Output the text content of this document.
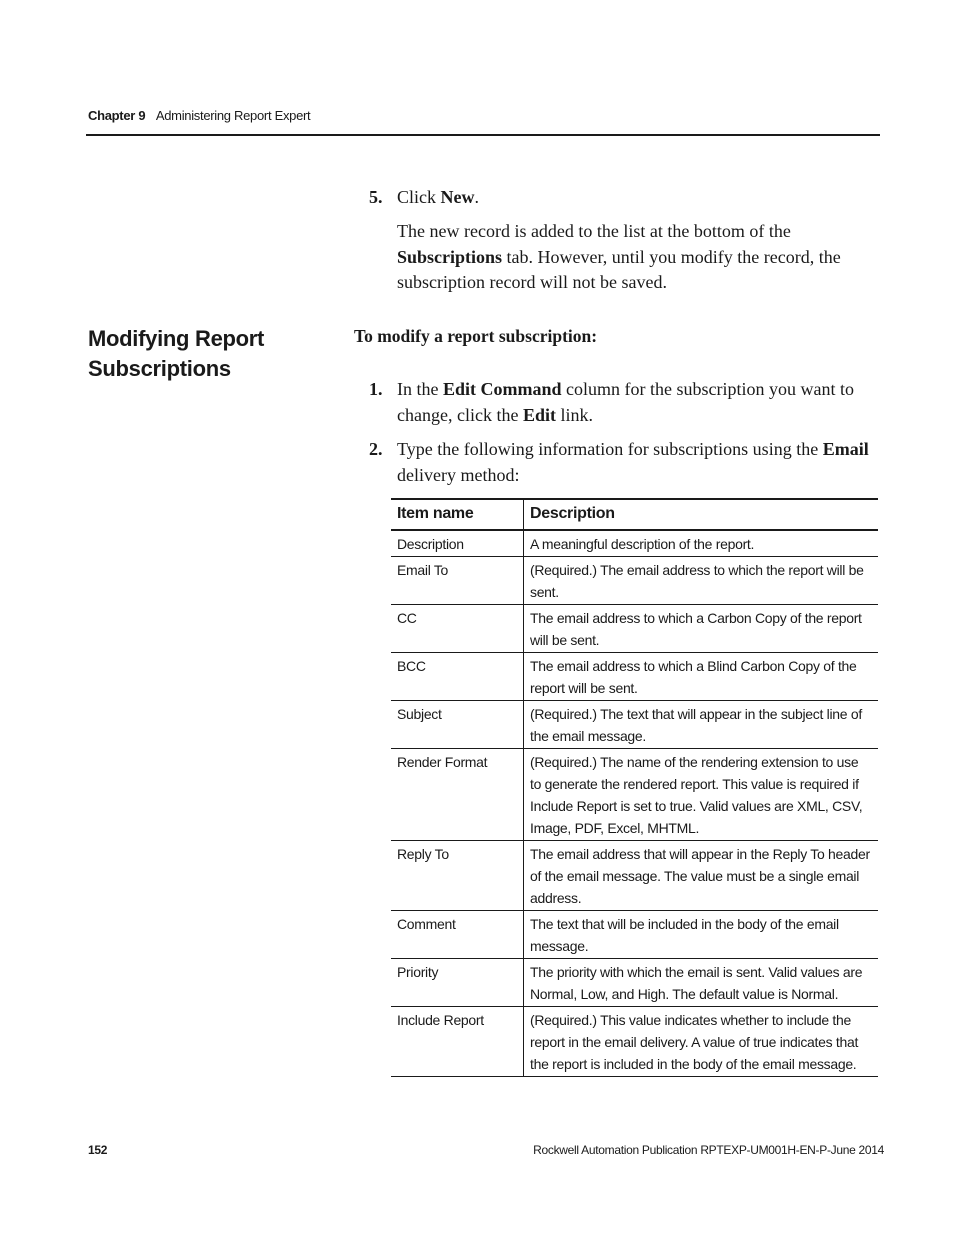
Chapter 9 Administering Report Expert
5. Click New.
The new record is added to the list at the bottom of the Subscriptions tab. However, until you modify the record, the subscription record will not be saved.
Modifying Report Subscriptions
To modify a report subscription:
1. In the Edit Command column for the subscription you want to change, click the Edit link.
2. Type the following information for subscriptions using the Email delivery method:
Item name	Description
Description	A meaningful description of the report.
Email To	(Required.) The email address to which the report will be sent.
CC	The email address to which a Carbon Copy of the report will be sent.
BCC	The email address to which a Blind Carbon Copy of the report will be sent.
Subject	(Required.) The text that will appear in the subject line of the email message.
Render Format	(Required.) The name of the rendering extension to use to generate the rendered report. This value is required if Include Report is set to true. Valid values are XML, CSV, Image, PDF, Excel, MHTML.
Reply To	The email address that will appear in the Reply To header of the email message. The value must be a single email address.
Comment	The text that will be included in the body of the email message.
Priority	The priority with which the email is sent. Valid values are Normal, Low, and High. The default value is Normal.
Include Report	(Required.) This value indicates whether to include the report in the email delivery. A value of true indicates that the report is included in the body of the email message.
152	Rockwell Automation Publication RPTEXP-UM001H-EN-P-June 2014
